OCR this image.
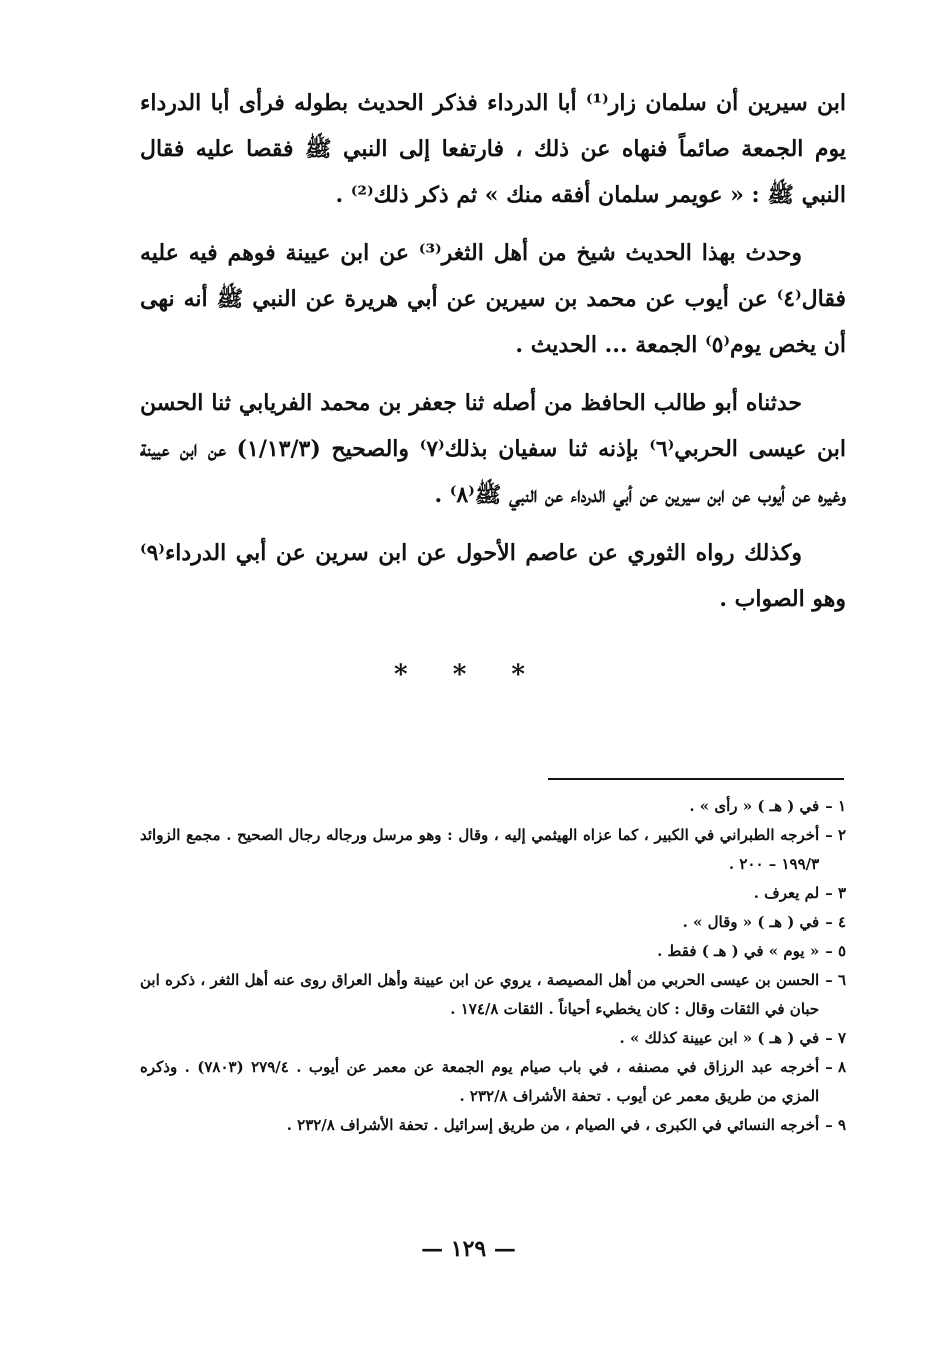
ابن سيرين أن سلمان زار⁽¹⁾ أبا الدرداء فذكر الحديث بطوله فرأى أبا الدرداء يوم الجمعة صائماً فنهاه عن ذلك ، فارتفعا إلى النبي ﷺ فقصا عليه فقال النبي ﷺ : « عويمر سلمان أفقه منك » ثم ذكر ذلك⁽²⁾ .

وحدث بهذا الحديث شيخ من أهل الثغر⁽³⁾ عن ابن عيينة فوهم فيه عليه فقال⁽٤⁾ عن أيوب عن محمد بن سيرين عن أبي هريرة عن النبي ﷺ أنه نهى أن يخص يوم⁽٥⁾ الجمعة ... الحديث .

حدثناه أبو طالب الحافظ من أصله ثنا جعفر بن محمد الفريابي ثنا الحسن ابن عيسى الحربي⁽٦⁾ بإذنه ثنا سفيان بذلك⁽٧⁾ والصحيح (١/١٣/٣) عن ابن عيينة وغيره عن أيوب عن ابن سيرين عن أبي الدرداء عن النبي ﷺ⁽٨⁾ .

وكذلك رواه الثوري عن عاصم الأحول عن ابن سرين عن أبي الدرداء⁽٩⁾ وهو الصواب .

* * *
١ –
في ( هـ ) « رأى » .
٢ –
أخرجه الطبراني في الكبير ، كما عزاه الهيثمي إليه ، وقال : وهو مرسل ورجاله رجال الصحيح . مجمع الزوائد ١٩٩/٣ – ٢٠٠ .
٣ –
لم يعرف .
٤ –
في ( هـ ) « وقال » .
٥ –
« يوم » في ( هـ ) فقط .
٦ –
الحسن بن عيسى الحربي من أهل المصيصة ، يروي عن ابن عيينة وأهل العراق روى عنه أهل الثغر ، ذكره ابن حبان في الثقات وقال : كان يخطيء أحياناً . الثقات ١٧٤/٨ .
٧ –
في ( هـ ) « ابن عيينة كذلك » .
٨ –
أخرجه عبد الرزاق في مصنفه ، في باب صيام يوم الجمعة عن معمر عن أيوب . ٢٧٩/٤ (٧٨٠٣) . وذكره المزي من طريق معمر عن أيوب . تحفة الأشراف ٢٣٢/٨ .
٩ –
أخرجه النسائي في الكبرى ، في الصيام ، من طريق إسرائيل . تحفة الأشراف ٢٣٢/٨ .
— ١٢٩ —
